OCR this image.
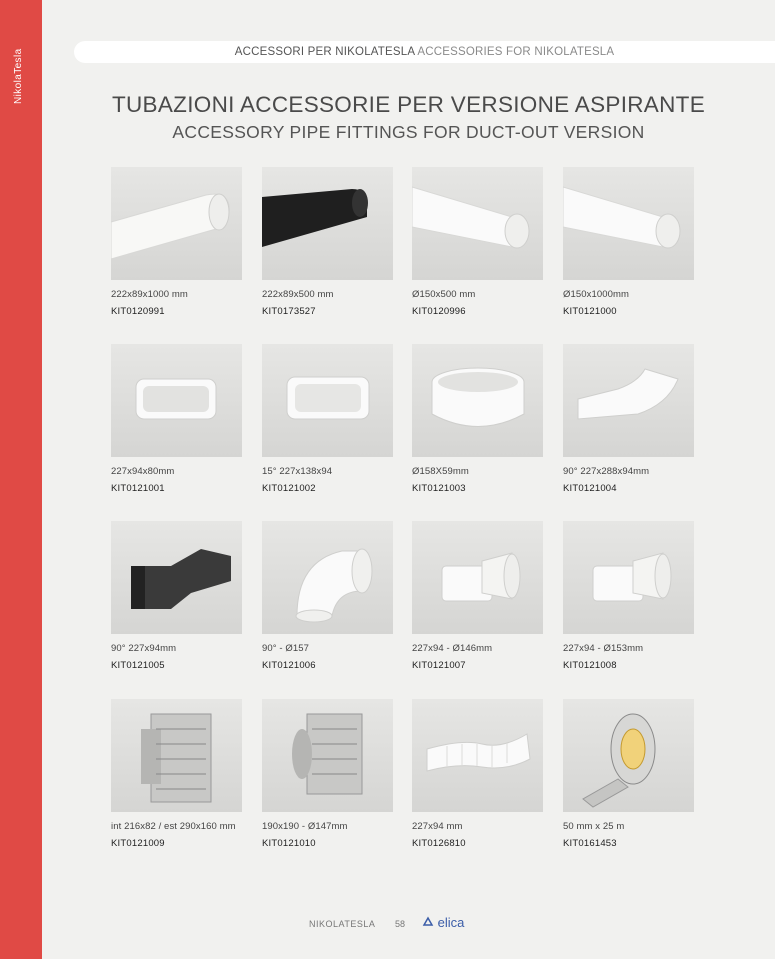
NikolaTesla	ACCESSORI PER NIKOLATESLA ACCESSORIES FOR NIKOLATESLA
TUBAZIONI ACCESSORIE PER VERSIONE ASPIRANTE
ACCESSORY PIPE FITTINGS FOR DUCT-OUT VERSION
222x89x1000 mm
KIT0120991
222x89x500 mm
KIT0173527
Ø150x500 mm
KIT0120996
Ø150x1000mm
KIT0121000
227x94x80mm
KIT0121001
15° 227x138x94
KIT0121002
Ø158X59mm
KIT0121003
90° 227x288x94mm
KIT0121004
90° 227x94mm
KIT0121005
90° - Ø157
KIT0121006
227x94 - Ø146mm
KIT0121007
227x94 - Ø153mm
KIT0121008
int 216x82 / est 290x160 mm
KIT0121009
190x190 - Ø147mm
KIT0121010
227x94 mm
KIT0126810
50 mm x 25 m
KIT0161453
NIKOLATESLA 58	elica
